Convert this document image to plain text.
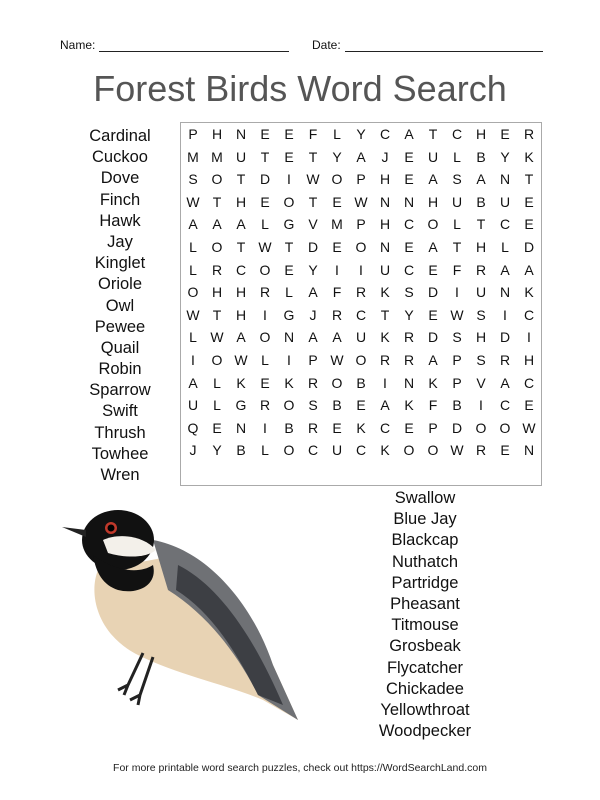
Name:	Date:
Forest Birds Word Search
Cardinal
Cuckoo
Dove
Finch
Hawk
Jay
Kinglet
Oriole
Owl
Pewee
Quail
Robin
Sparrow
Swift
Thrush
Towhee
Wren
P	H N	E	E	F	L	Y	C	A	T	C H	E	R
M M U	T	E	T	Y	A	J	E	U	L	B	Y	K
S O	T	D	I	W O P	H	E	A	S	A	N	T
W T	H	E O	T	E W N N H U	B	U	E
A	A	A	L	G V M P	H C O	L	T	C	E
L	O	T W T	D	E O N	E	A	T	H	L	D
L	R C O E	Y	I	I	U C	E	F	R	A	A
O H H R	L	A	F	R	K	S	D	I	U N	K
W T	H	I	G	J	R C	T	Y	E W S	I	C
L W A O N	A	A	U	K	R D	S	H D	I
I	O W L	I	P W O R R	A	P	S	R H
A	L	K	E	K	R O B	I	N	K	P	V	A	C
U	L	G R O S	B	E	A	K	F	B	I	C	E
Q E	N	I	B	R	E	K	C	E	P	D O O W
J	Y	B	L	O C U C	K O O W R	E	N
Swallow
Blue Jay
Blackcap
Nuthatch
Partridge
Pheasant
Titmouse
Grosbeak
Flycatcher
Chickadee
Yellowthroat
Woodpecker
For more printable word search puzzles, check out https://WordSearchLand.com
